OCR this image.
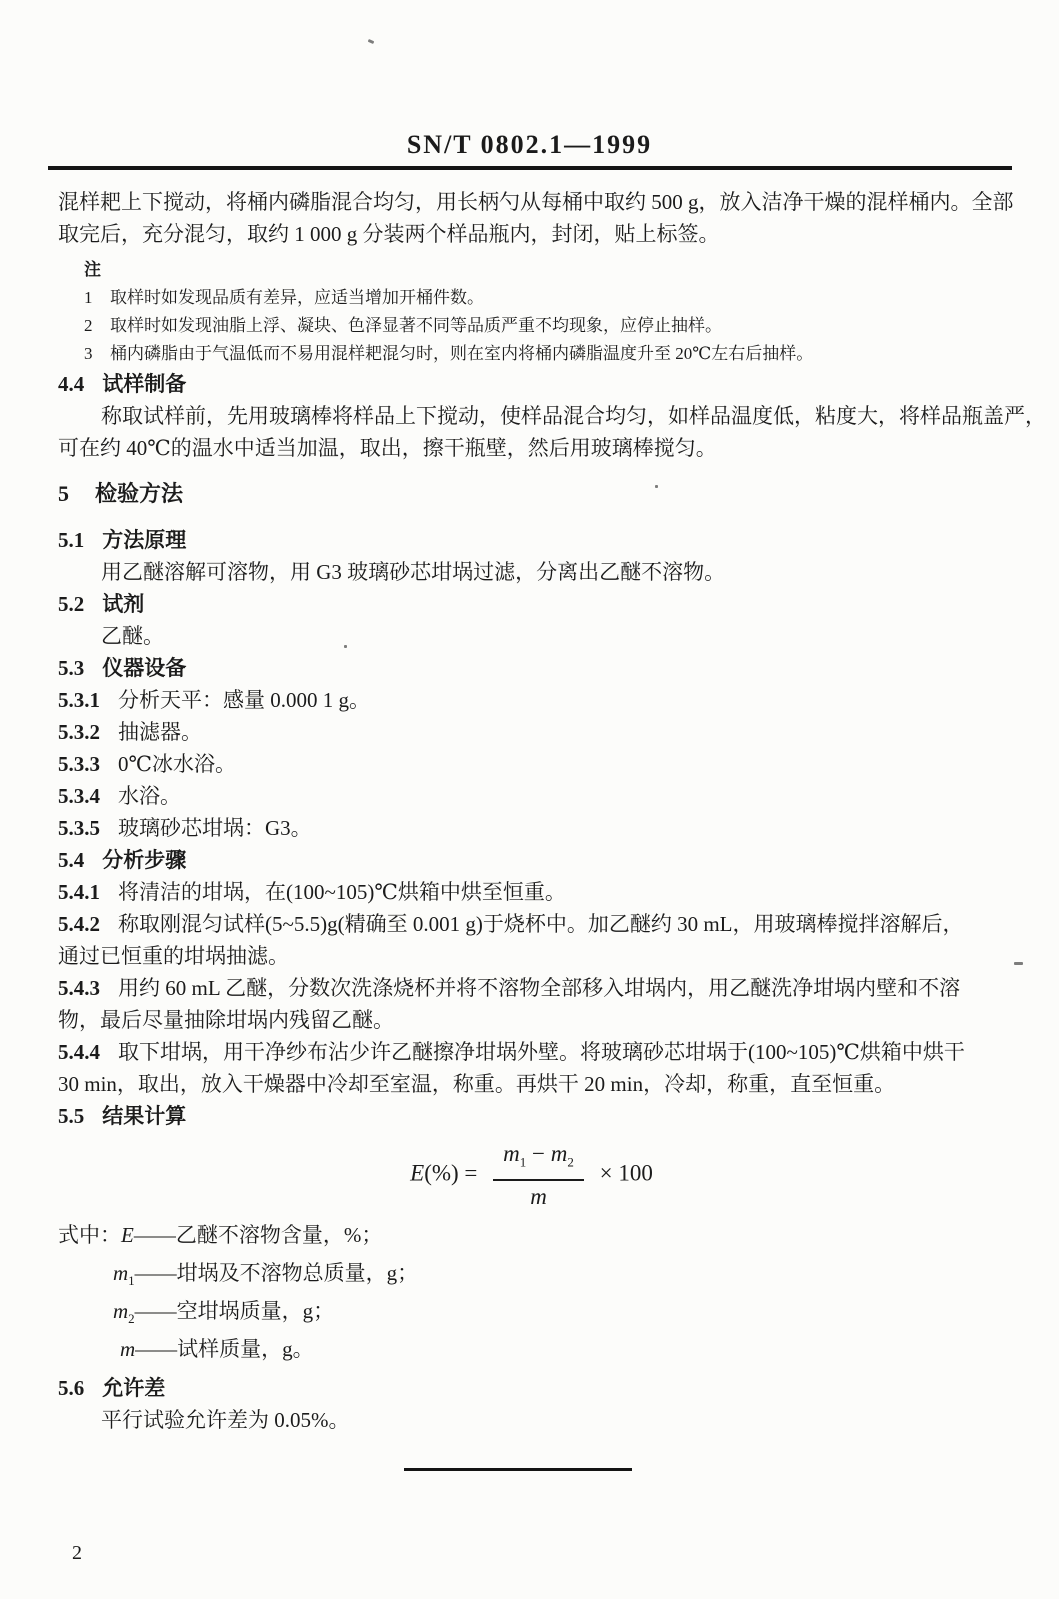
SN/T 0802.1—1999
混样耙上下搅动，将桶内磷脂混合均匀，用长柄勺从每桶中取约 500 g，放入洁净干燥的混样桶内。全部
取完后，充分混匀，取约 1 000 g 分装两个样品瓶内，封闭，贴上标签。
注
1 取样时如发现品质有差异，应适当增加开桶件数。
2 取样时如发现油脂上浮、凝块、色泽显著不同等品质严重不均现象，应停止抽样。
3 桶内磷脂由于气温低而不易用混样耙混匀时，则在室内将桶内磷脂温度升至 20℃左右后抽样。
4.4 试样制备
称取试样前，先用玻璃棒将样品上下搅动，使样品混合均匀，如样品温度低，粘度大，将样品瓶盖严，
可在约 40℃的温水中适当加温，取出，擦干瓶壁，然后用玻璃棒搅匀。
5 检验方法
5.1 方法原理
用乙醚溶解可溶物，用 G3 玻璃砂芯坩埚过滤，分离出乙醚不溶物。
5.2 试剂
乙醚。
5.3 仪器设备
5.3.1 分析天平：感量 0.000 1 g。
5.3.2 抽滤器。
5.3.3 0℃冰水浴。
5.3.4 水浴。
5.3.5 玻璃砂芯坩埚：G3。
5.4 分析步骤
5.4.1 将清洁的坩埚，在(100~105)℃烘箱中烘至恒重。
5.4.2 称取刚混匀试样(5~5.5)g(精确至 0.001 g)于烧杯中。加乙醚约 30 mL，用玻璃棒搅拌溶解后，
通过已恒重的坩埚抽滤。
5.4.3 用约 60 mL 乙醚，分数次洗涤烧杯并将不溶物全部移入坩埚内，用乙醚洗净坩埚内壁和不溶
物，最后尽量抽除坩埚内残留乙醚。
5.4.4 取下坩埚，用干净纱布沾少许乙醚擦净坩埚外壁。将玻璃砂芯坩埚于(100~105)℃烘箱中烘干
30 min，取出，放入干燥器中冷却至室温，称重。再烘干 20 min，冷却，称重，直至恒重。
5.5 结果计算
$E(\%) = \frac{m_1 - m_2}{m} \times 100$
式中：E——乙醚不溶物含量，%；
$m_1——$坩埚及不溶物总质量，g；
$m_2——$空坩埚质量，g；
m——试样质量，g。
5.6 允许差
平行试验允许差为 0.05%。
2
